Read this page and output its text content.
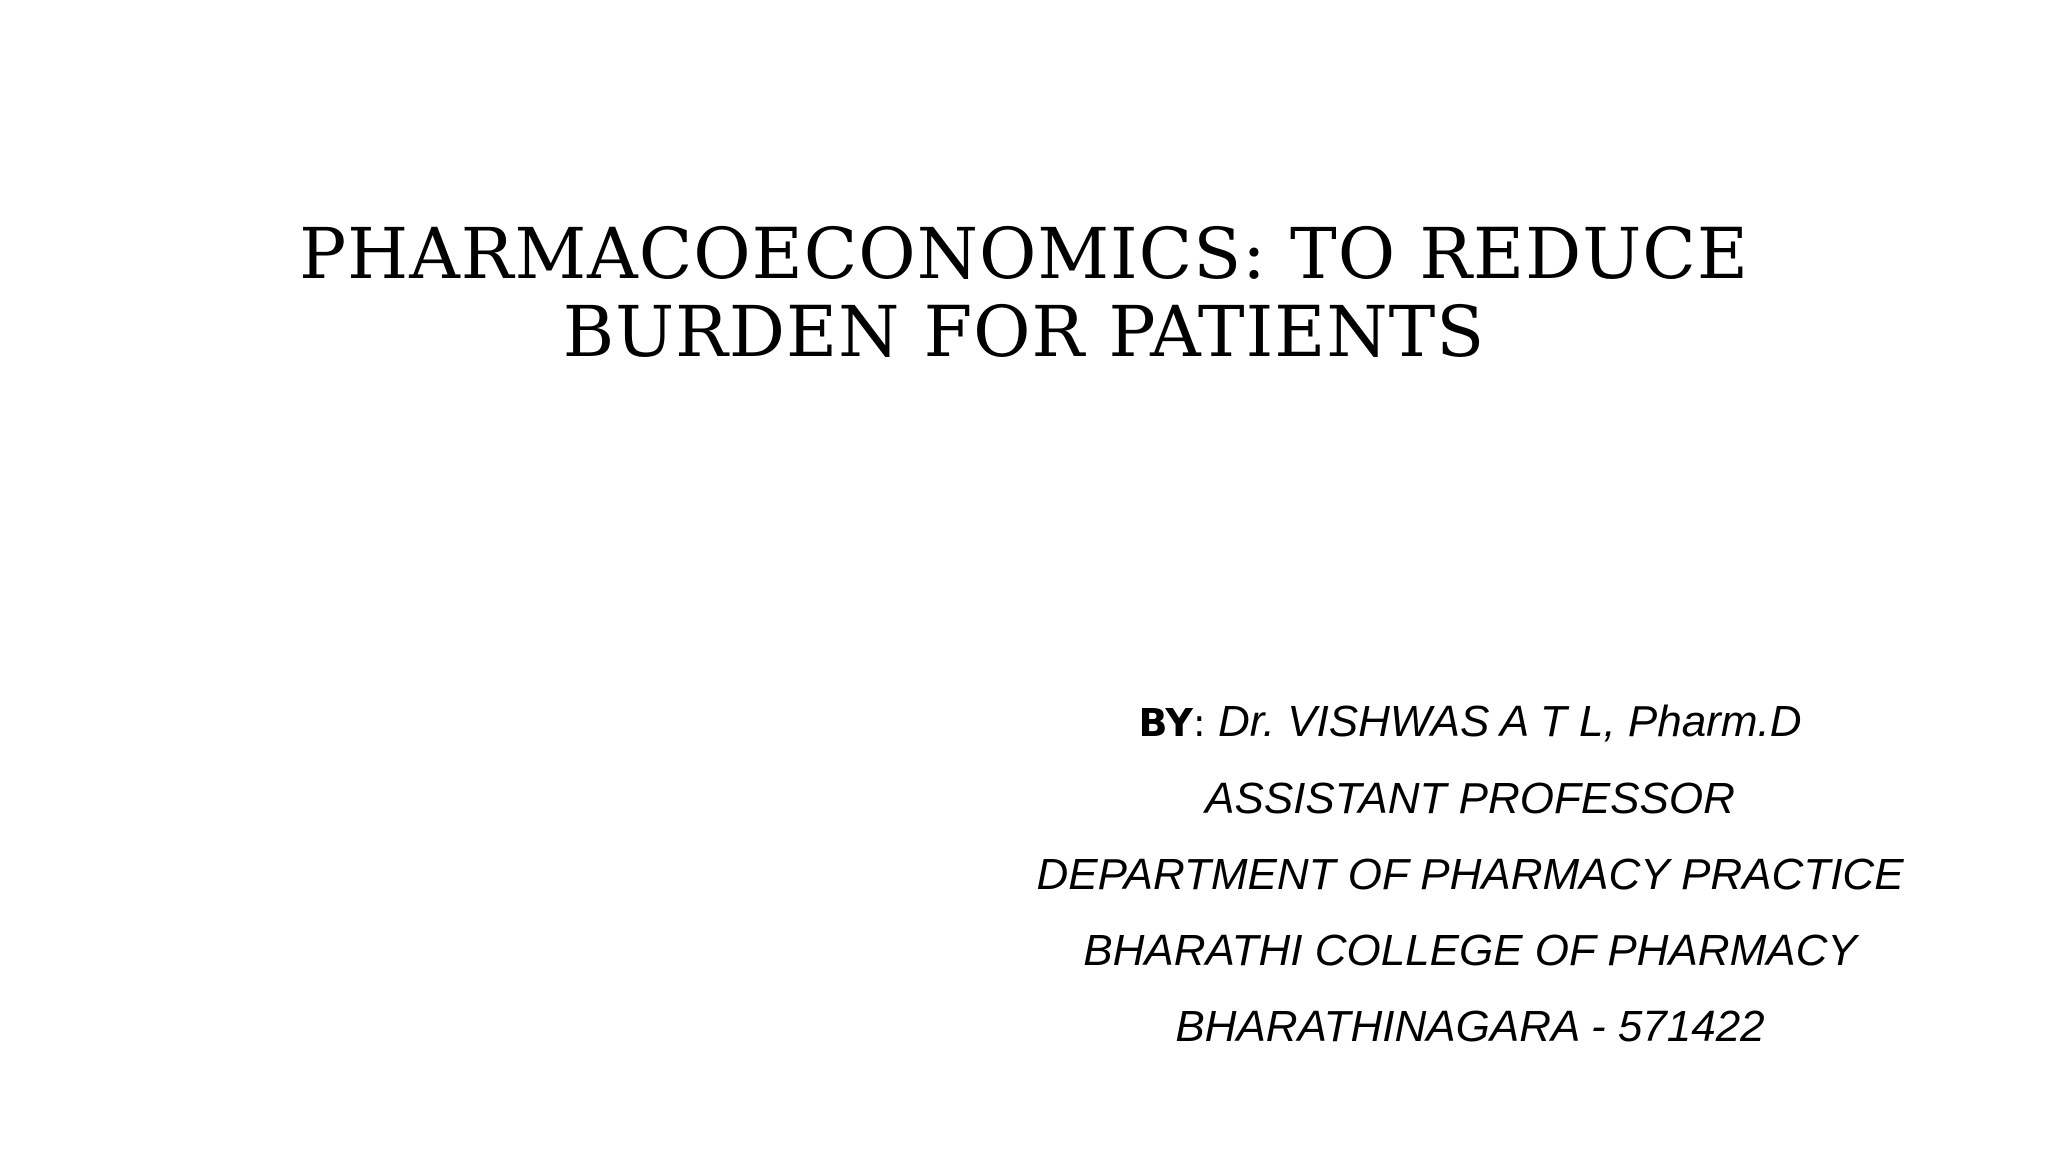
PHARMACOECONOMICS: TO REDUCE
BURDEN FOR PATIENTS
BY: Dr. VISHWAS A T L, Pharm.D
ASSISTANT PROFESSOR
DEPARTMENT OF PHARMACY PRACTICE
BHARATHI COLLEGE OF PHARMACY
BHARATHINAGARA - 571422
